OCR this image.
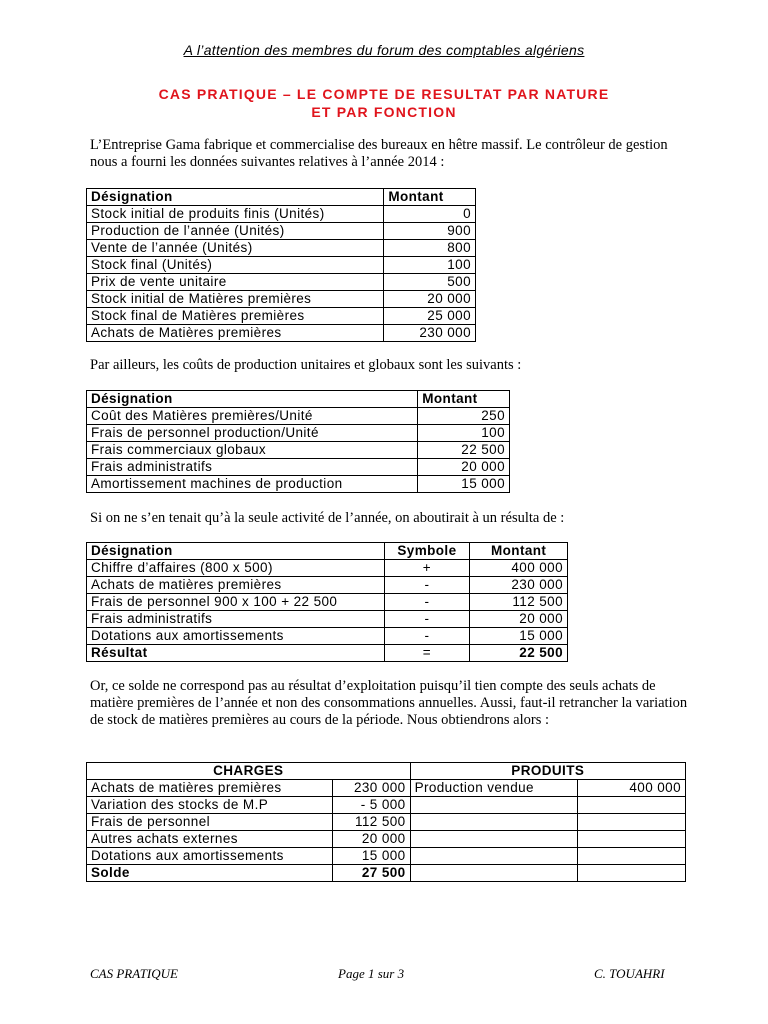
A l’attention des membres du forum des comptables algériens
CAS PRATIQUE – LE COMPTE DE RESULTAT PAR NATURE
ET PAR FONCTION
L’Entreprise Gama fabrique et commercialise des bureaux en hêtre massif. Le contrôleur de gestion nous a fourni les données suivantes relatives à l’année 2014 :
Désignation	Montant
Stock initial de produits finis (Unités)	0
Production de l’année (Unités)	900
Vente de l’année (Unités)	800
Stock final (Unités)	100
Prix de vente unitaire	500
Stock initial de Matières premières	20 000
Stock final de Matières premières	25 000
Achats de Matières premières	230 000
Par ailleurs, les coûts de production unitaires et globaux sont les suivants :
Désignation	Montant
Coût des Matières premières/Unité	250
Frais de personnel production/Unité	100
Frais commerciaux globaux	22 500
Frais administratifs	20 000
Amortissement machines de production	15 000
Si on ne s’en tenait qu’à la seule activité de l’année, on aboutirait à un résulta de :
Désignation	Symbole	Montant
Chiffre d’affaires (800 x 500)	+	400 000
Achats de matières premières	-	230 000
Frais de personnel 900 x 100 + 22 500	-	112 500
Frais administratifs	-	20 000
Dotations aux amortissements	-	15 000
Résultat	=	22 500
Or, ce solde ne correspond pas au résultat d’exploitation puisqu’il tien compte des seuls achats de matière premières de l’année et non des consommations annuelles. Aussi, faut-il retrancher la variation de stock de matières premières au cours de la période. Nous obtiendrons alors :
CHARGES		PRODUITS	
Achats de matières premières	230 000	Production vendue	400 000
Variation des stocks de M.P	- 5 000		
Frais de personnel	112 500		
Autres achats externes	20 000		
Dotations aux amortissements	15 000		
Solde	27 500		
CAS PRATIQUE	Page 1 sur 3	C. TOUAHRI
